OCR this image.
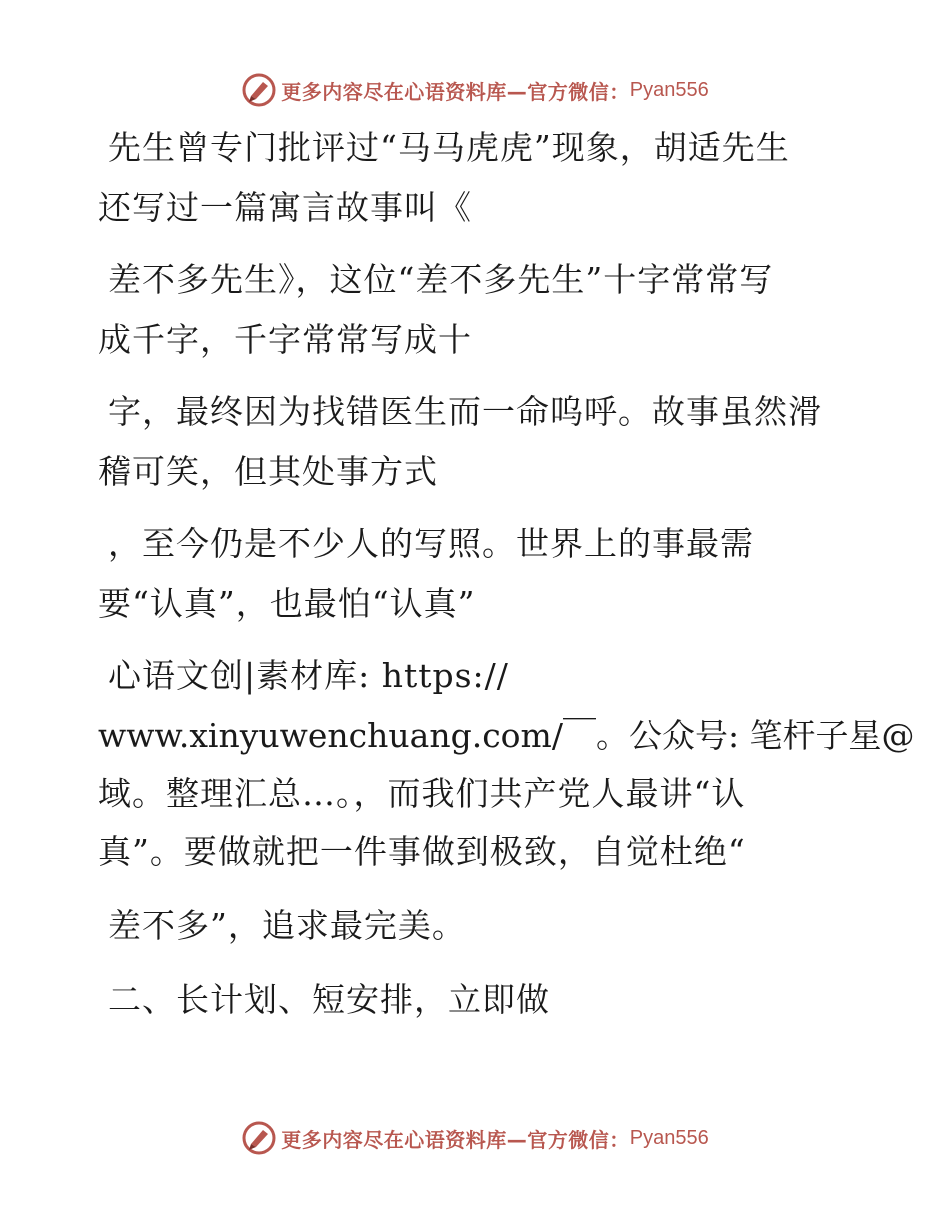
更多内容尽在心语资料库—官方微信： Pyan556
先生曾专门批评过“马马虎虎”现象，胡适先生
还写过一篇寓言故事叫《
差不多先生》，这位“差不多先生”十字常常写
成千字，千字常常写成十
字，最终因为找错医生而一命呜呼。故事虽然滑
稽可笑，但其处事方式
，至今仍是不少人的写照。世界上的事最需
要“认真”，也最怕“认真”
心语文创|素材库: https://
www.xinyuwenchuang.com/￣。公众号: 笔杆子星@
域。整理汇总…。，而我们共产党人最讲“认
真”。要做就把一件事做到极致，自觉杜绝“
差不多”，追求最完美。
二、长计划、短安排，立即做
更多内容尽在心语资料库—官方微信： Pyan556
